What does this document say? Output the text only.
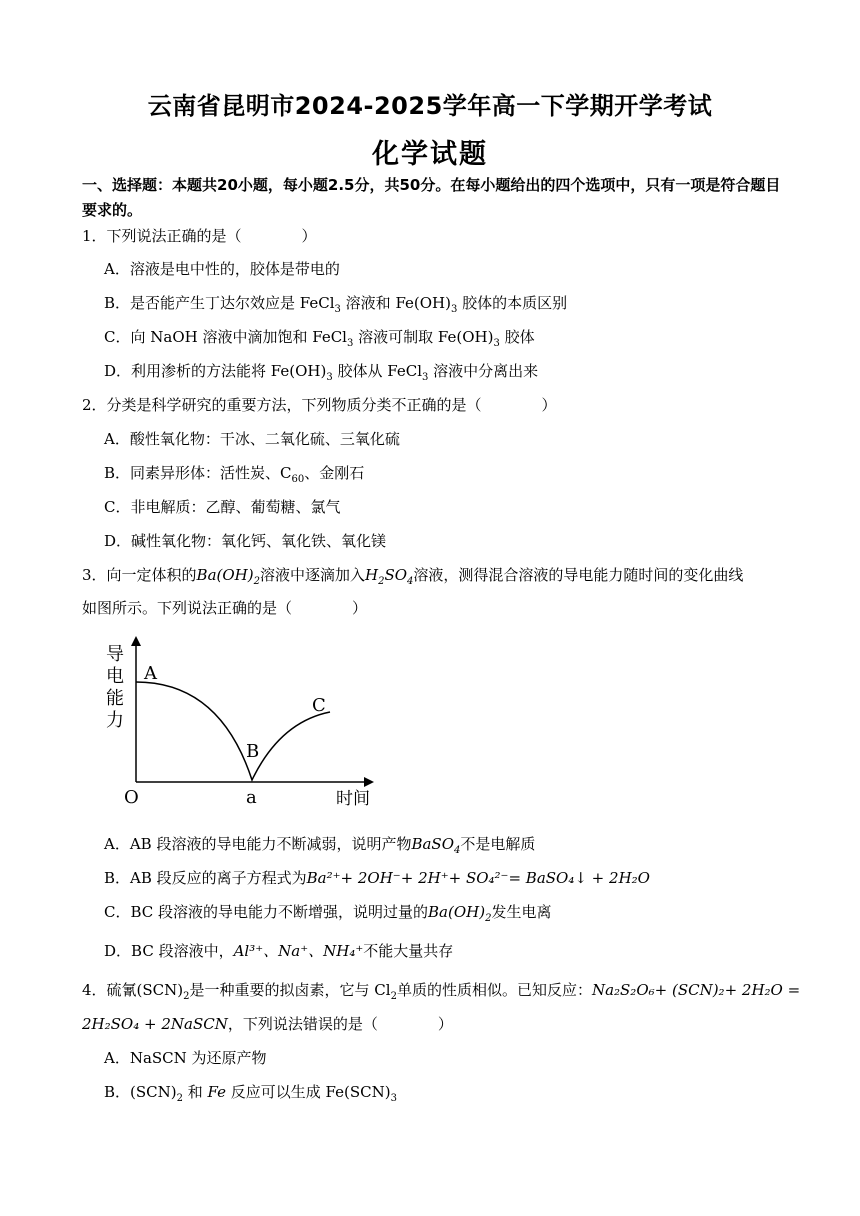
云南省昆明市2024-2025学年高一下学期开学考试
化学试题
一、选择题：本题共20小题，每小题2.5分，共50分。在每小题给出的四个选项中，只有一项是符合题目要求的。
1．下列说法正确的是（　　　　）
A．溶液是电中性的，胶体是带电的
B．是否能产生丁达尔效应是 FeCl$_3$ 溶液和 $Fe(OH)_3$ 胶体的本质区别
C．向 NaOH 溶液中滴加饱和 FeCl$_3$ 溶液可制取 $Fe(OH)_3$ 胶体
D．利用渗析的方法能将 $Fe(OH)_3$ 胶体从 FeCl$_3$ 溶液中分离出来
2．分类是科学研究的重要方法，下列物质分类不正确的是（　　　　）
A．酸性氧化物：干冰、二氧化硫、三氧化硫
B．同素异形体：活性炭、$C_{60}$、金刚石
C．非电解质：乙醇、葡萄糖、氯气
D．碱性氧化物：氧化钙、氧化铁、氧化镁
3．向一定体积的$Ba(OH)_2$溶液中逐滴加入$H_2SO_4$溶液，测得混合溶液的导电能力随时间的变化曲线
如图所示。下列说法正确的是（　　　　）
导
电
能
力
A
B
C
O	a	时间
A．AB 段溶液的导电能力不断减弱，说明产物BaSO$_4$不是电解质
B．AB 段反应的离子方程式为Ba²⁺+ 2OH⁻+ 2H⁺+ SO₄²⁻= BaSO₄↓ + 2H₂O
C．BC 段溶液的导电能力不断增强，说明过量的$Ba(OH)_2$发生电离
D．BC 段溶液中，Al³⁺、Na⁺、NH₄⁺不能大量共存
4．硫氰$(SCN)_2$是一种重要的拟卤素，它与 $Cl_2$单质的性质相似。已知反应：Na₂S₂O₆+ (SCN)₂+ 2H₂O =
2H₂SO₄ + 2NaSCN，下列说法错误的是（　　　　）
A．NaSCN 为还原产物
B．$(SCN)_2$ 和 Fe 反应可以生成 $Fe(SCN)_3$
